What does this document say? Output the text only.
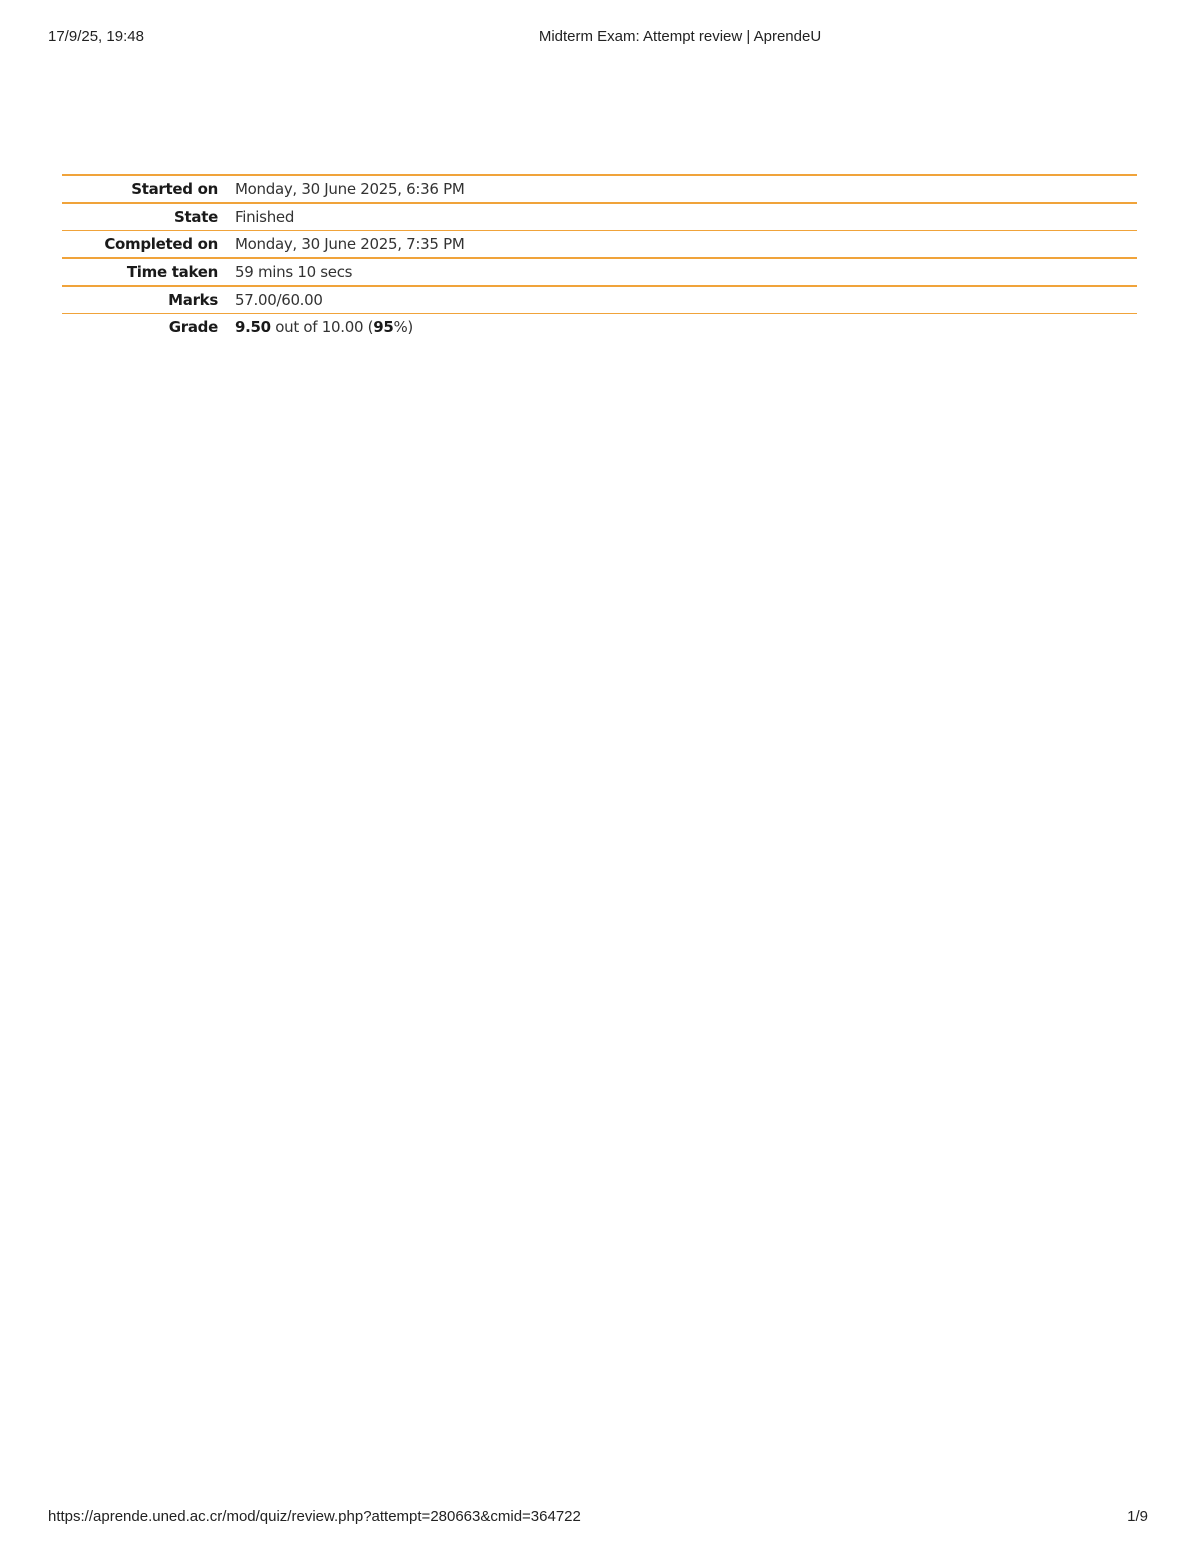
17/9/25, 19:48	Midterm Exam: Attempt review | AprendeU
Started on	Monday, 30 June 2025, 6:36 PM
State	Finished
Completed on	Monday, 30 June 2025, 7:35 PM
Time taken	59 mins 10 secs
Marks	57.00/60.00
Grade	9.50 out of 10.00 (95%)
https://aprende.uned.ac.cr/mod/quiz/review.php?attempt=280663&cmid=364722	1/9
